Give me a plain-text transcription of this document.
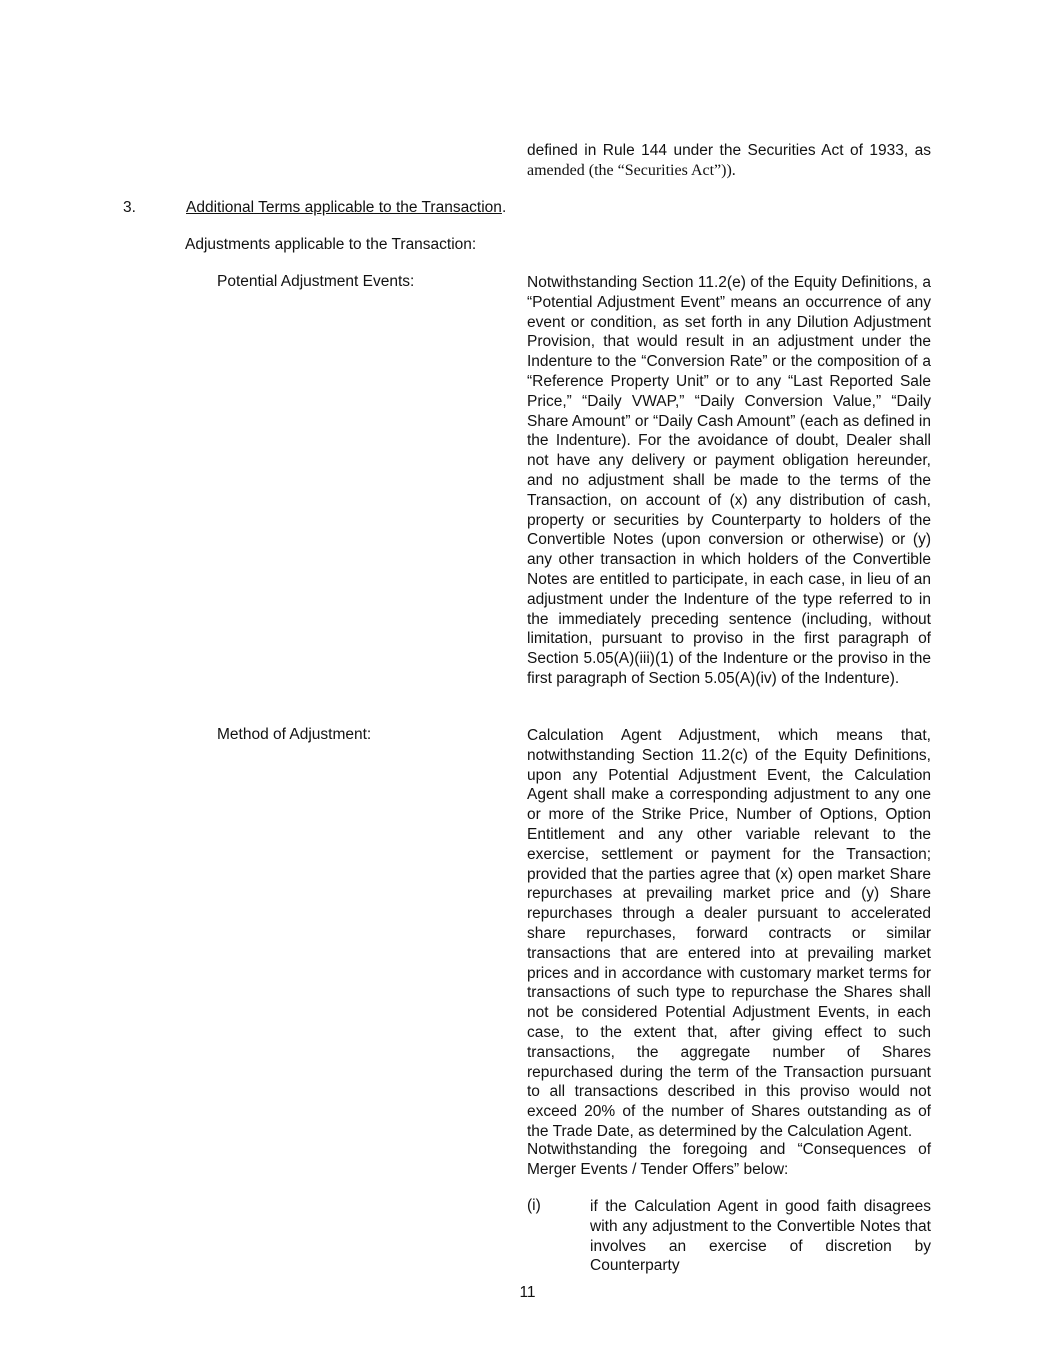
defined in Rule 144 under the Securities Act of 1933, as
amended (the “Securities Act”)).
3.	Additional Terms applicable to the Transaction.
Adjustments applicable to the Transaction:
Potential Adjustment Events:	Notwithstanding Section 11.2(e) of the Equity Definitions, a “Potential Adjustment Event” means an occurrence of any event or condition, as set forth in any Dilution Adjustment Provision, that would result in an adjustment under the Indenture to the “Conversion Rate” or the composition of a “Reference Property Unit” or to any “Last Reported Sale Price,” “Daily VWAP,” “Daily Conversion Value,” “Daily Share Amount” or “Daily Cash Amount” (each as defined in the Indenture). For the avoidance of doubt, Dealer shall not have any delivery or payment obligation hereunder, and no adjustment shall be made to the terms of the Transaction, on account of (x) any distribution of cash, property or securities by Counterparty to holders of the Convertible Notes (upon conversion or otherwise) or (y) any other transaction in which holders of the Convertible Notes are entitled to participate, in each case, in lieu of an adjustment under the Indenture of the type referred to in the immediately preceding sentence (including, without limitation, pursuant to proviso in the first paragraph of Section 5.05(A)(iii)(1) of the Indenture or the proviso in the first paragraph of Section 5.05(A)(iv) of the Indenture).

Method of Adjustment:	Calculation Agent Adjustment, which means that, notwithstanding Section 11.2(c) of the Equity Definitions, upon any Potential Adjustment Event, the Calculation Agent shall make a corresponding adjustment to any one or more of the Strike Price, Number of Options, Option Entitlement and any other variable relevant to the exercise, settlement or payment for the Transaction; provided that the parties agree that (x) open market Share repurchases at prevailing market price and (y) Share repurchases through a dealer pursuant to accelerated share repurchases, forward contracts or similar transactions that are entered into at prevailing market prices and in accordance with customary market terms for transactions of such type to repurchase the Shares shall not be considered Potential Adjustment Events, in each case, to the extent that, after giving effect to such transactions, the aggregate number of Shares repurchased during the term of the Transaction pursuant to all transactions described in this proviso would not exceed 20% of the number of Shares outstanding as of the Trade Date, as determined by the Calculation Agent.

Notwithstanding the foregoing and “Consequences of Merger Events / Tender Offers” below:

(i)	if the Calculation Agent in good faith disagrees with any adjustment to the Convertible Notes that involves an exercise of discretion by Counterparty

11
